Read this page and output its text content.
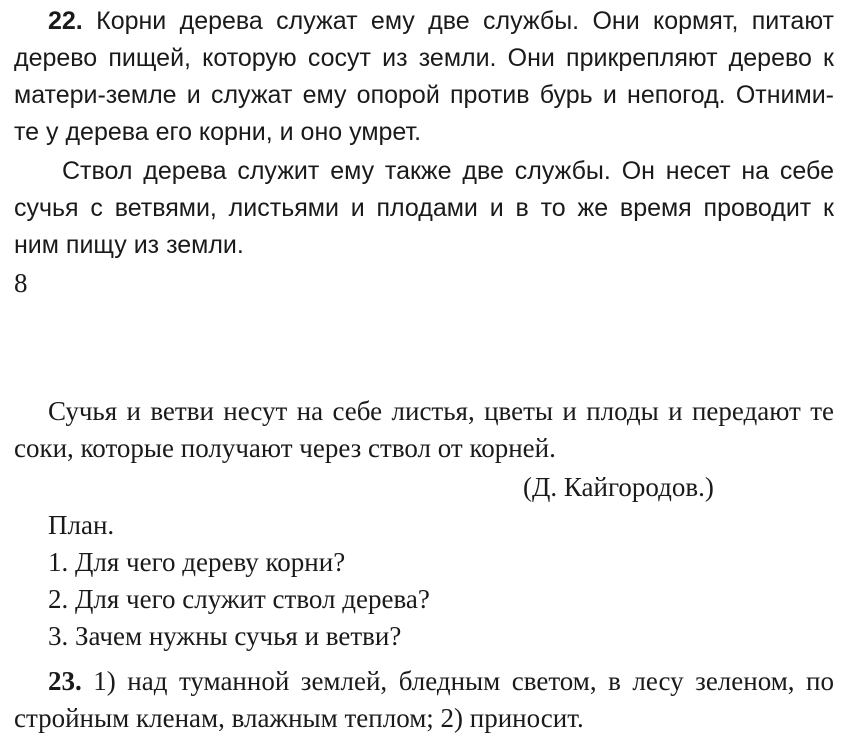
22. Корни дерева служат ему две службы. Они кормят, питают
дерево пищей, которую сосут из земли. Они прикрепляют дерево к
матери-земле и служат ему опорой против бурь и непогод. Отними-
те у дерева его корни, и оно умрет.
Ствол дерева служит ему также две службы. Он несет на себе
сучья с ветвями, листьями и плодами и в то же время проводит к
ним пищу из земли.
8
Сучья и ветви несут на себе листья, цветы и плоды и передают те
соки, которые получают через ствол от корней.
(Д. Кайгородов.)
План.
1. Для чего дереву корни?
2. Для чего служит ствол дерева?
3. Зачем нужны сучья и ветви?
23. 1) над туманной землей, бледным светом, в лесу зеленом, по
стройным кленам, влажным теплом; 2) приносит.
